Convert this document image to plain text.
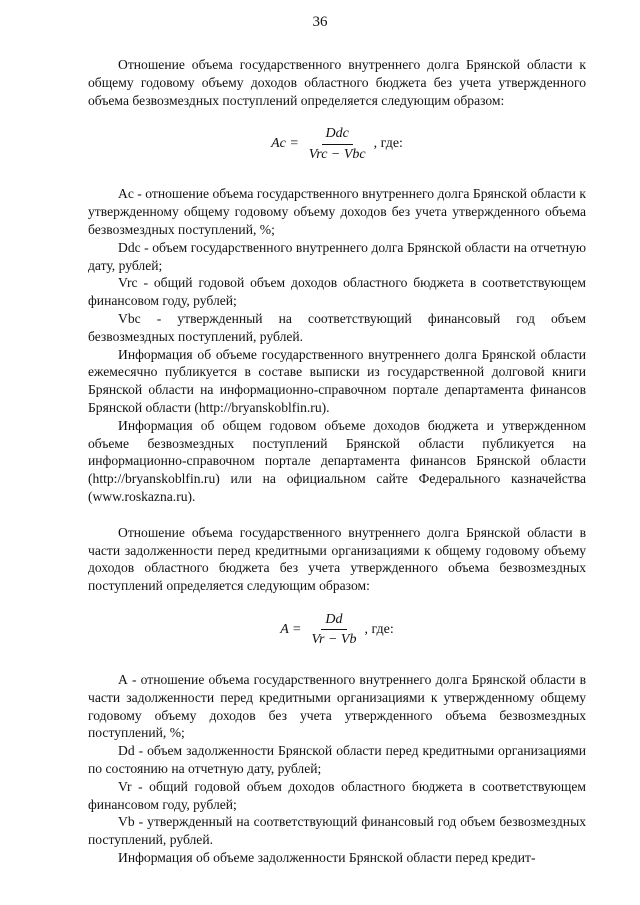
36

Отношение объема государственного внутреннего долга Брянской области к общему годовому объему доходов областного бюджета без учета утвержденного объема безвозмездных поступлений определяется следующим образом:

$Ac = \frac{\text{Ddc}}{\text{Vrc − Vbc}}$ , где:

Ac - отношение объема государственного внутреннего долга Брянской области к утвержденному общему годовому объему доходов без учета утвержденного объема безвозмездных поступлений, %;

Ddc - объем государственного внутреннего долга Брянской области на отчетную дату, рублей;

Vrc - общий годовой объем доходов областного бюджета в соответствующем финансовом году, рублей;

Vbc - утвержденный на соответствующий финансовый год объем безвозмездных поступлений, рублей.

Информация об объеме государственного внутреннего долга Брянской области ежемесячно публикуется в составе выписки из государственной долговой книги Брянской области на информационно-справочном портале департамента финансов Брянской области (http://bryanskoblfin.ru).

Информация об общем годовом объеме доходов бюджета и утвержденном объеме безвозмездных поступлений Брянской области публикуется на информационно-справочном портале департамента финансов Брянской области (http://bryanskoblfin.ru) или на официальном сайте Федерального казначейства (www.roskazna.ru).

Отношение объема государственного внутреннего долга Брянской области в части задолженности перед кредитными организациями к общему годовому объему доходов областного бюджета без учета утвержденного объема безвозмездных поступлений определяется следующим образом:

$A = \frac{Dd}{Vr - Vb}$ , где:

А - отношение объема государственного внутреннего долга Брянской области в части задолженности перед кредитными организациями к утвержденному общему годовому объему доходов без учета утвержденного объема безвозмездных поступлений, %;

Dd - объем задолженности Брянской области перед кредитными организациями по состоянию на отчетную дату, рублей;

Vr - общий годовой объем доходов областного бюджета в соответствующем финансовом году, рублей;

Vb - утвержденный на соответствующий финансовый год объем безвозмездных поступлений, рублей.

Информация об объеме задолженности Брянской области перед кредит-
